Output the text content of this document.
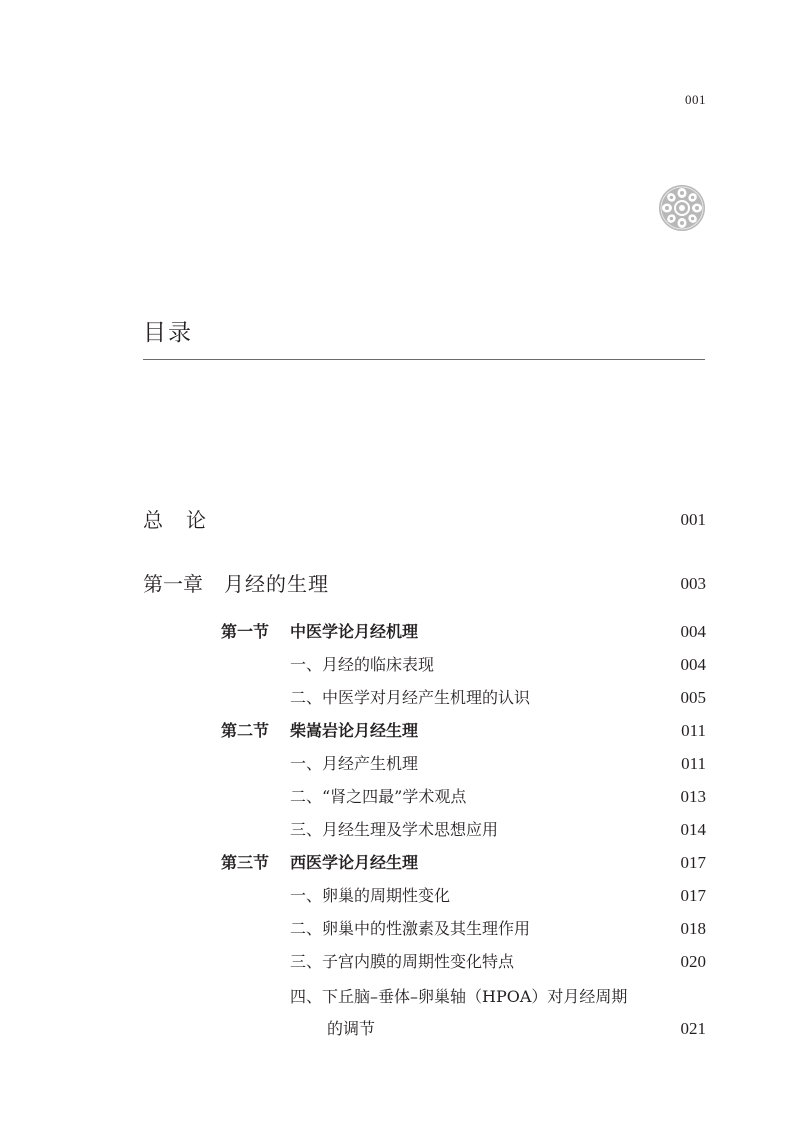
001
目录
总 论	001
第一章 月经的生理	003
第一节 中医学论月经机理	004
一、月经的临床表现	004
二、中医学对月经产生机理的认识	005
第二节 柴嵩岩论月经生理	011
一、月经产生机理	011
二、“肾之四最”学术观点	013
三、月经生理及学术思想应用	014
第三节 西医学论月经生理	017
一、卵巢的周期性变化	017
二、卵巢中的性激素及其生理作用	018
三、子宫内膜的周期性变化特点	020
四、下丘脑–垂体–卵巢轴（HPOA）对月经周期
的调节	021
